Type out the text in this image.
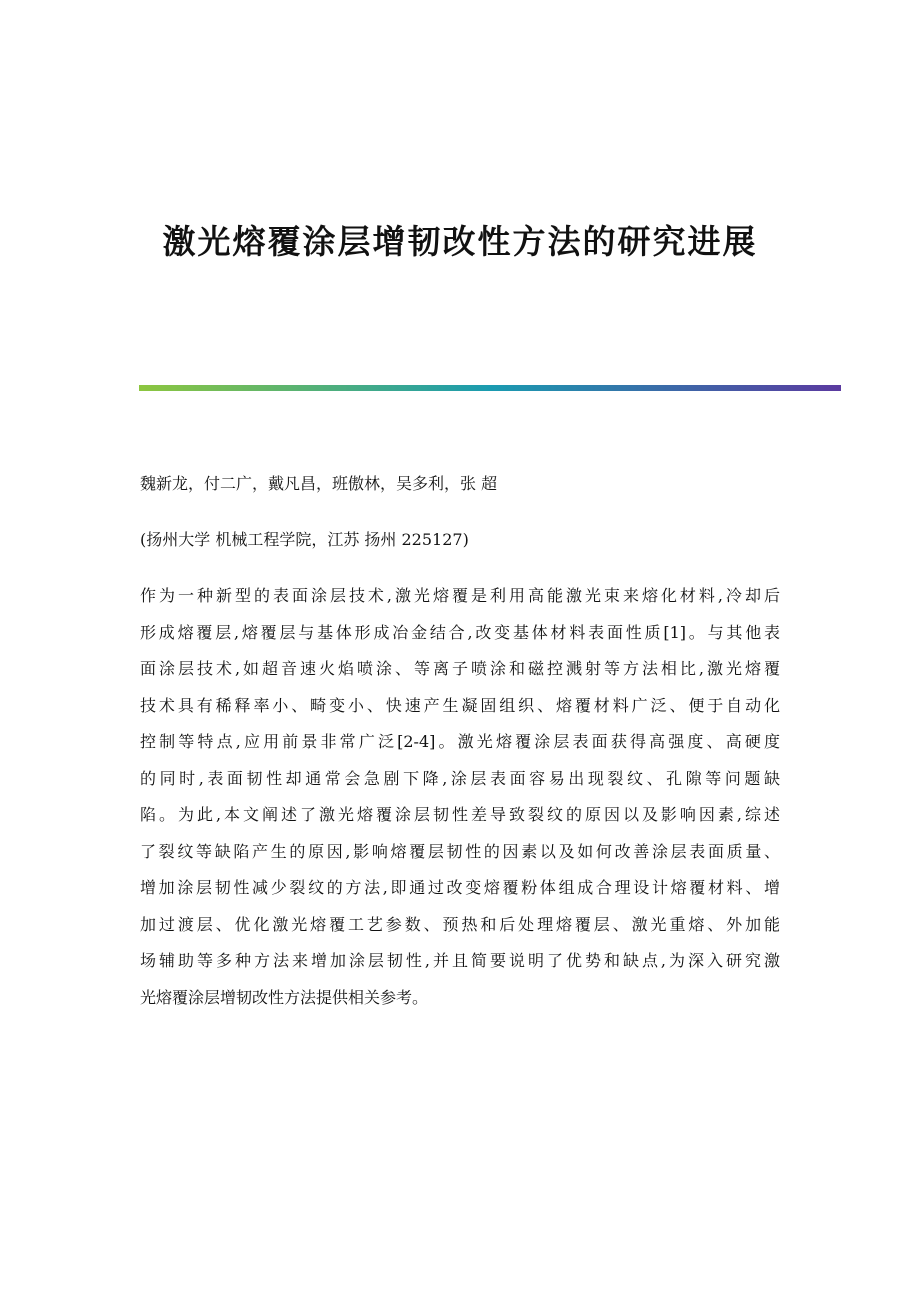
激光熔覆涂层增韧改性方法的研究进展

魏新龙，付二广，戴凡昌，班傲林，吴多利，张 超

(扬州大学 机械工程学院，江苏 扬州 225127)

作为一种新型的表面涂层技术,激光熔覆是利用高能激光束来熔化材料,冷却后
形成熔覆层,熔覆层与基体形成冶金结合,改变基体材料表面性质[1]。与其他表
面涂层技术,如超音速火焰喷涂、等离子喷涂和磁控溅射等方法相比,激光熔覆
技术具有稀释率小、畸变小、快速产生凝固组织、熔覆材料广泛、便于自动化
控制等特点,应用前景非常广泛[2-4]。激光熔覆涂层表面获得高强度、高硬度
的同时,表面韧性却通常会急剧下降,涂层表面容易出现裂纹、孔隙等问题缺
陷。为此,本文阐述了激光熔覆涂层韧性差导致裂纹的原因以及影响因素,综述
了裂纹等缺陷产生的原因,影响熔覆层韧性的因素以及如何改善涂层表面质量、
增加涂层韧性减少裂纹的方法,即通过改变熔覆粉体组成合理设计熔覆材料、增
加过渡层、优化激光熔覆工艺参数、预热和后处理熔覆层、激光重熔、外加能
场辅助等多种方法来增加涂层韧性,并且简要说明了优势和缺点,为深入研究激
光熔覆涂层增韧改性方法提供相关参考。
